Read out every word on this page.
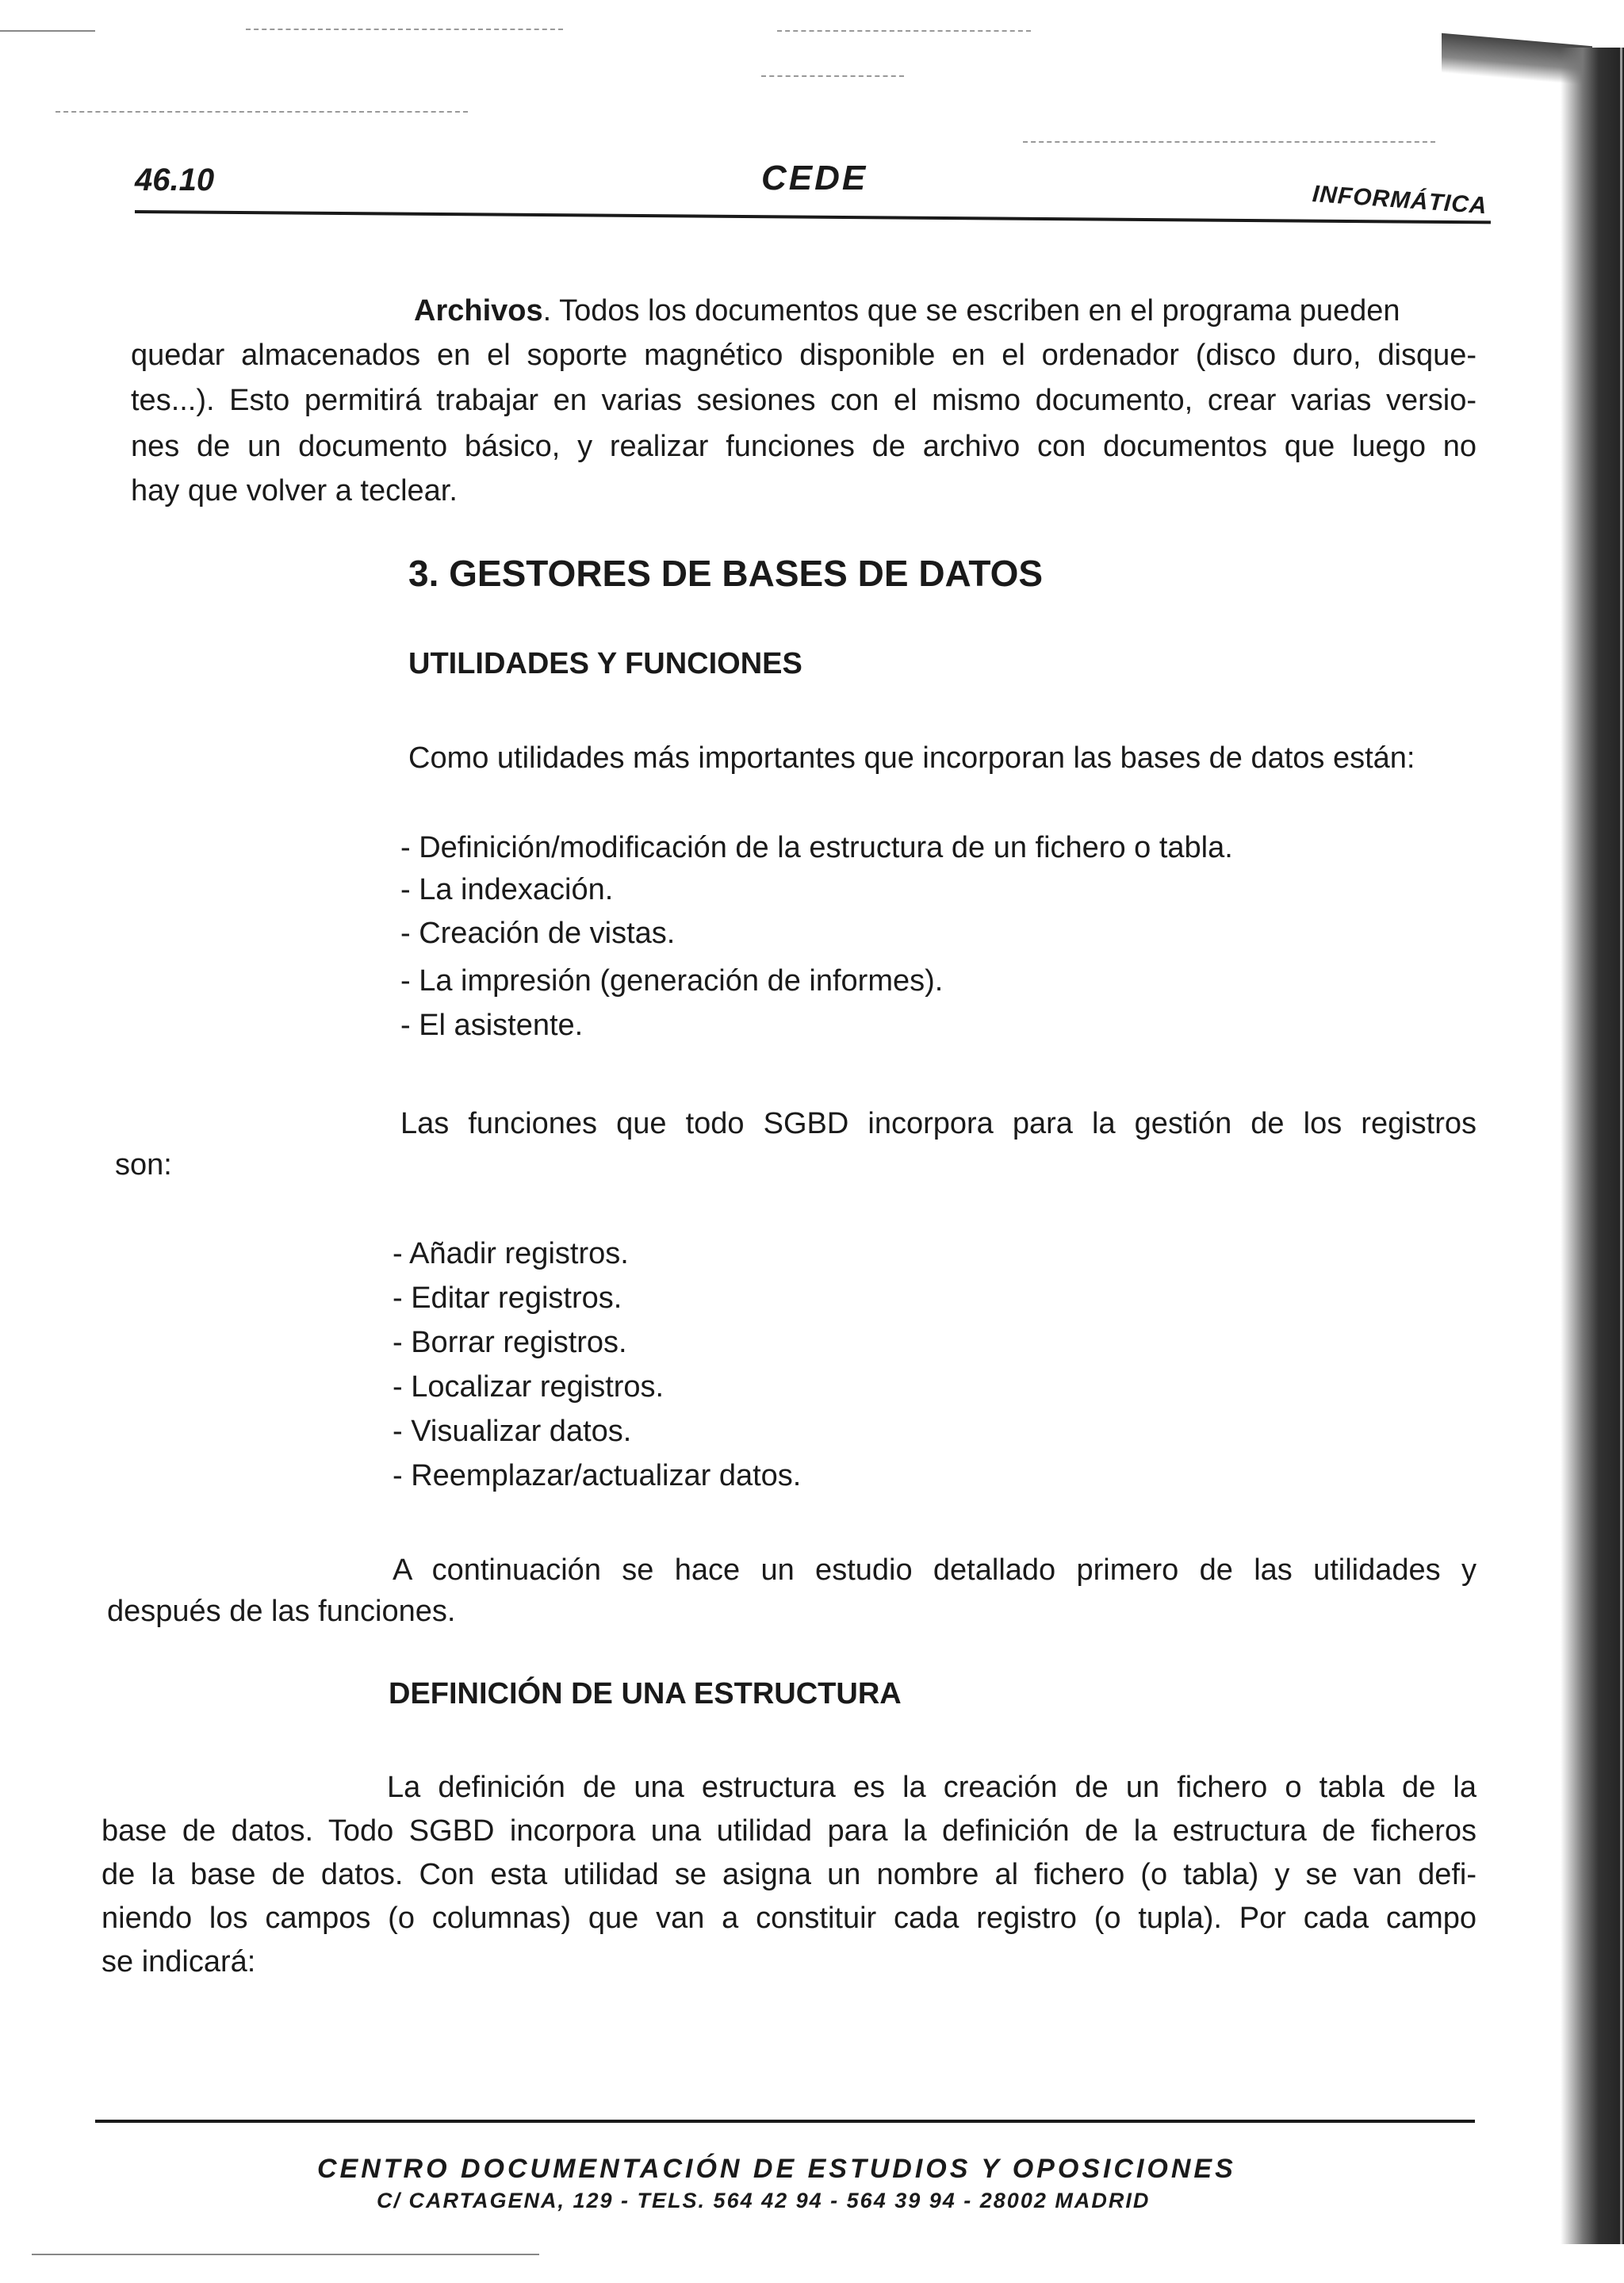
46.10	CEDE
INFORMÁTICA
Archivos. Todos los documentos que se escriben en el programa pueden
quedar almacenados en el soporte magnético disponible en el ordenador (disco duro, disque-
tes...). Esto permitirá trabajar en varias sesiones con el mismo documento, crear varias versio-
nes de un documento básico, y realizar funciones de archivo con documentos que luego no
hay que volver a teclear.
3. GESTORES DE BASES DE DATOS
UTILIDADES Y FUNCIONES
Como utilidades más importantes que incorporan las bases de datos están:
- Definición/modificación de la estructura de un fichero o tabla.
- La indexación.
- Creación de vistas.
- La impresión (generación de informes).
- El asistente.
Las funciones que todo SGBD incorpora para la gestión de los registros
son:
- Añadir registros.
- Editar registros.
- Borrar registros.
- Localizar registros.
- Visualizar datos.
- Reemplazar/actualizar datos.
A continuación se hace un estudio detallado primero de las utilidades y
después de las funciones.
DEFINICIÓN DE UNA ESTRUCTURA
La definición de una estructura es la creación de un fichero o tabla de la
base de datos. Todo SGBD incorpora una utilidad para la definición de la estructura de ficheros
de la base de datos. Con esta utilidad se asigna un nombre al fichero (o tabla) y se van defi-
niendo los campos (o columnas) que van a constituir cada registro (o tupla). Por cada campo
se indicará:
CENTRO DOCUMENTACIÓN DE ESTUDIOS Y OPOSICIONES
C/ CARTAGENA, 129 - TELS. 564 42 94 - 564 39 94 - 28002 MADRID
